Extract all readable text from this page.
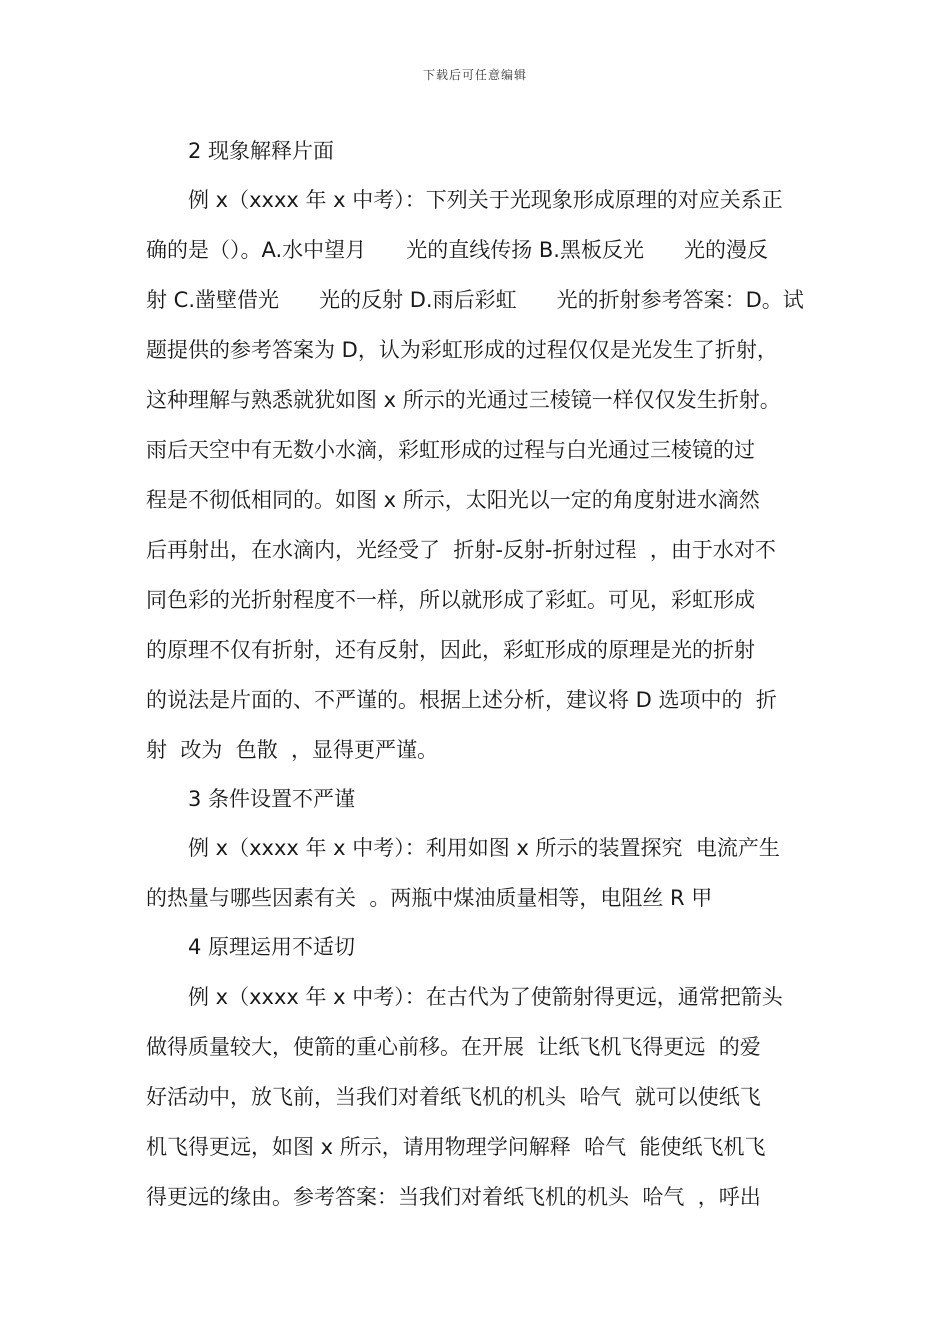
下载后可任意编辑
2 现象解释片面
例 x（xxxx 年 x 中考）：下列关于光现象形成原理的对应关系正
确的是（）。A.水中望月      光的直线传扬 B.黑板反光      光的漫反
射 C.凿壁借光      光的反射 D.雨后彩虹      光的折射参考答案：D。试
题提供的参考答案为 D，认为彩虹形成的过程仅仅是光发生了折射，
这种理解与熟悉就犹如图 x 所示的光通过三棱镜一样仅仅发生折射。
雨后天空中有无数小水滴，彩虹形成的过程与白光通过三棱镜的过
程是不彻低相同的。如图 x 所示，太阳光以一定的角度射进水滴然
后再射出，在水滴内，光经受了  折射-反射-折射过程  ，由于水对不
同色彩的光折射程度不一样，所以就形成了彩虹。可见，彩虹形成
的原理不仅有折射，还有反射，因此，彩虹形成的原理是光的折射
的说法是片面的、不严谨的。根据上述分析，建议将 D 选项中的  折
射  改为  色散  ，显得更严谨。
3 条件设置不严谨
例 x（xxxx 年 x 中考）：利用如图 x 所示的装置探究  电流产生
的热量与哪些因素有关  。两瓶中煤油质量相等，电阻丝 R 甲
4 原理运用不适切
例 x（xxxx 年 x 中考）：在古代为了使箭射得更远，通常把箭头
做得质量较大，使箭的重心前移。在开展  让纸飞机飞得更远  的爱
好活动中，放飞前，当我们对着纸飞机的机头  哈气  就可以使纸飞
机飞得更远，如图 x 所示，请用物理学问解释  哈气  能使纸飞机飞
得更远的缘由。参考答案：当我们对着纸飞机的机头  哈气  ，呼出
